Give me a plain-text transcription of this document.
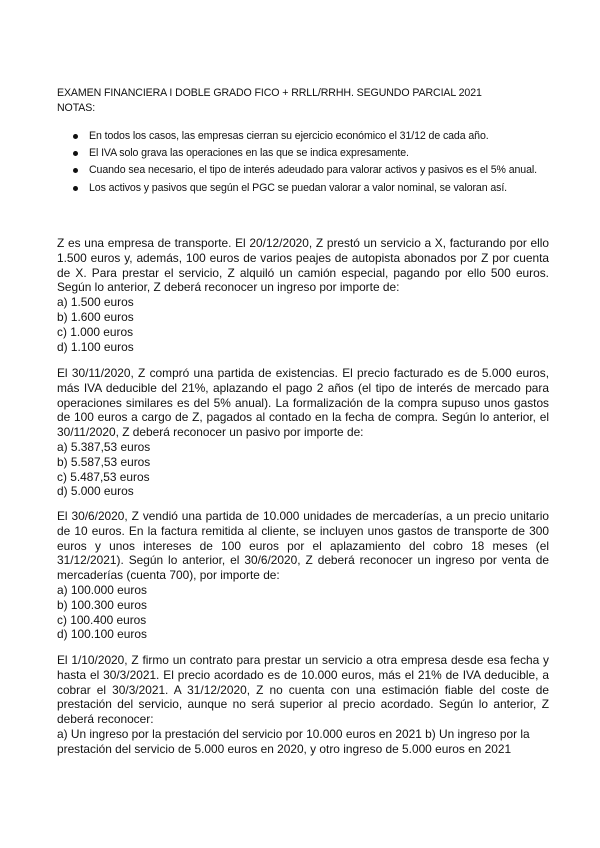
EXAMEN FINANCIERA I DOBLE GRADO FICO + RRLL/RRHH. SEGUNDO PARCIAL 2021
NOTAS:
En todos los casos, las empresas cierran su ejercicio económico el 31/12 de cada año.
El IVA solo grava las operaciones en las que se indica expresamente.
Cuando sea necesario, el tipo de interés adeudado para valorar activos y pasivos es el 5% anual.
Los activos y pasivos que según el PGC se puedan valorar a valor nominal, se valoran así.
Z es una empresa de transporte. El 20/12/2020, Z prestó un servicio a X, facturando por ello 1.500 euros y, además, 100 euros de varios peajes de autopista abonados por Z por cuenta de X. Para prestar el servicio, Z alquiló un camión especial, pagando por ello 500 euros. Según lo anterior, Z deberá reconocer un ingreso por importe de:
a) 1.500 euros
b) 1.600 euros
c) 1.000 euros
d) 1.100 euros
El 30/11/2020, Z compró una partida de existencias. El precio facturado es de 5.000 euros, más IVA deducible del 21%, aplazando el pago 2 años (el tipo de interés de mercado para operaciones similares es del 5% anual). La formalización de la compra supuso unos gastos de 100 euros a cargo de Z, pagados al contado en la fecha de compra. Según lo anterior, el 30/11/2020, Z deberá reconocer un pasivo por importe de:
a) 5.387,53 euros
b) 5.587,53 euros
c) 5.487,53 euros
d) 5.000 euros
El 30/6/2020, Z vendió una partida de 10.000 unidades de mercaderías, a un precio unitario de 10 euros. En la factura remitida al cliente, se incluyen unos gastos de transporte de 300 euros y unos intereses de 100 euros por el aplazamiento del cobro 18 meses (el 31/12/2021). Según lo anterior, el 30/6/2020, Z deberá reconocer un ingreso por venta de mercaderías (cuenta 700), por importe de:
a) 100.000 euros
b) 100.300 euros
c) 100.400 euros
d) 100.100 euros
El 1/10/2020, Z firmo un contrato para prestar un servicio a otra empresa desde esa fecha y hasta el 30/3/2021. El precio acordado es de 10.000 euros, más el 21% de IVA deducible, a cobrar el 30/3/2021. A 31/12/2020, Z no cuenta con una estimación fiable del coste de prestación del servicio, aunque no será superior al precio acordado. Según lo anterior, Z deberá reconocer:
a) Un ingreso por la prestación del servicio por 10.000 euros en 2021 b) Un ingreso por la prestación del servicio de 5.000 euros en 2020, y otro ingreso de 5.000 euros en 2021
